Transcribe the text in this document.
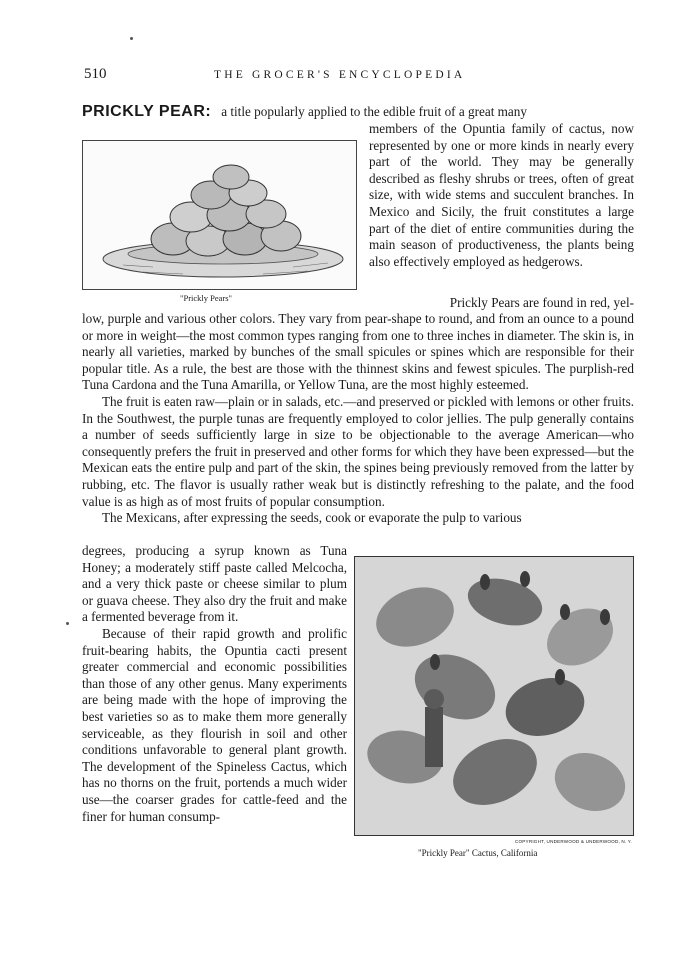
510	THE GROCER'S ENCYCLOPEDIA
PRICKLY PEAR: a title popularly applied to the edible fruit of a great many
"Prickly Pears"

members of the Opuntia family of cactus, now represented by one or more kinds in nearly every part of the world. They may be generally described as fleshy shrubs or trees, often of great size, with wide stems and succulent branches. In Mexico and Sicily, the fruit constitutes a large part of the diet of entire communities during the main season of productiveness, the plants being also effectively employed as hedgerows.

Prickly Pears are found in red, yel-

low, purple and various other colors. They vary from pear-shape to round, and from an ounce to a pound or more in weight—the most common types ranging from one to three inches in diameter. The skin is, in nearly all varieties, marked by bunches of the small spicules or spines which are responsible for their popular title. As a rule, the best are those with the thinnest skins and fewest spicules. The purplish-red Tuna Cardona and the Tuna Amarilla, or Yellow Tuna, are the most highly esteemed.

The fruit is eaten raw—plain or in salads, etc.—and preserved or pickled with lemons or other fruits. In the Southwest, the purple tunas are frequently employed to color jellies. The pulp generally contains a number of seeds sufficiently large in size to be objectionable to the average American—who consequently prefers the fruit in preserved and other forms for which they have been expressed—but the Mexican eats the entire pulp and part of the skin, the spines being previously removed from the latter by rubbing, etc. The flavor is usually rather weak but is distinctly refreshing to the palate, and the food value is as high as of most fruits of popular consumption.

The Mexicans, after expressing the seeds, cook or evaporate the pulp to various

degrees, producing a syrup known as Tuna Honey; a moderately stiff paste called Melcocha, and a very thick paste or cheese similar to plum or guava cheese. They also dry the fruit and make a fermented beverage from it.

Because of their rapid growth and prolific fruit-bearing habits, the Opuntia cacti present greater commercial and economic possibilities than those of any other genus. Many experiments are being made with the hope of improving the best varieties so as to make them more generally serviceable, as they flourish in soil and other conditions unfavorable to general plant growth. The development of the Spineless Cactus, which has no thorns on the fruit, portends a much wider use—the coarser grades for cattle-feed and the finer for human consump-

COPYRIGHT, UNDERWOOD & UNDERWOOD, N. Y.
"Prickly Pear" Cactus, California
